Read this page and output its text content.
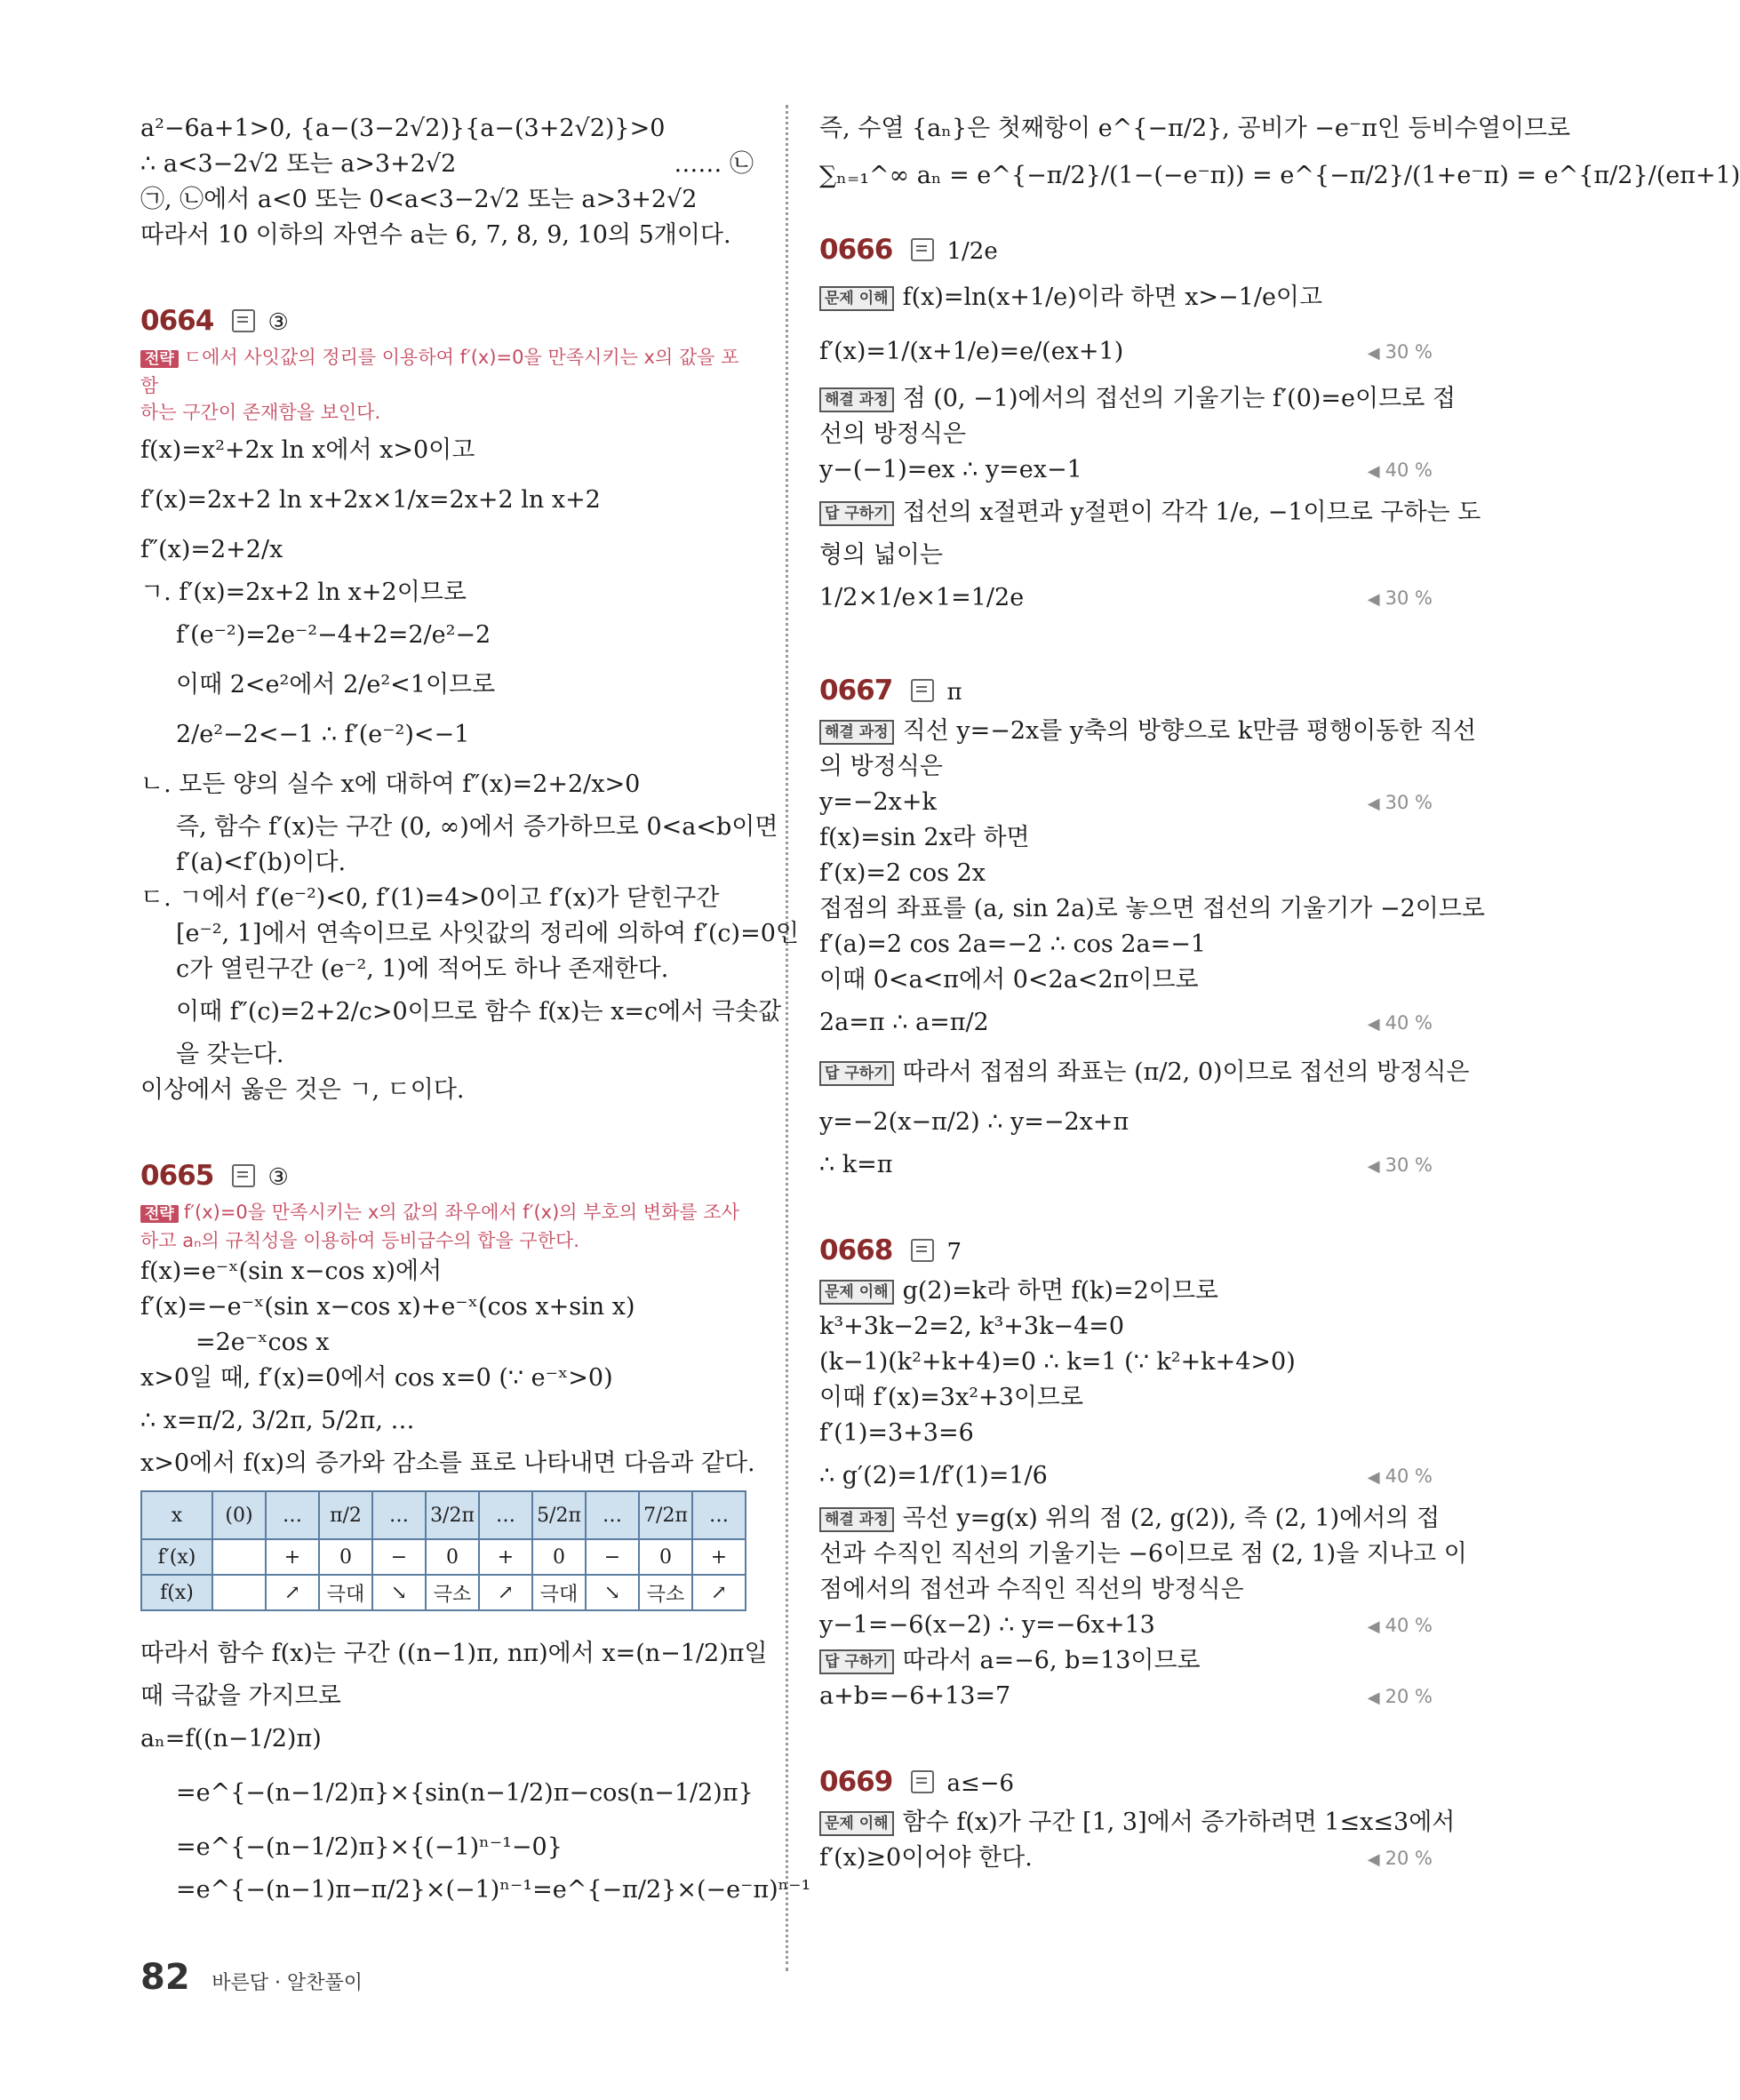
a²−6a+1>0, {a−(3−2√2)}{a−(3+2√2)}>0
∴ a<3−2√2 또는 a>3+2√2	…… ㉡
㉠, ㉡에서 a<0 또는 0<a<3−2√2 또는 a>3+2√2
따라서 10 이하의 자연수 a는 6, 7, 8, 9, 10의 5개이다.
0664 ③
전략 ㄷ에서 사잇값의 정리를 이용하여 f′(x)=0을 만족시키는 x의 값을 포함
하는 구간이 존재함을 보인다.
f(x)=x²+2x ln x에서 x>0이고
f′(x)=2x+2 ln x+2x×1/x=2x+2 ln x+2
f″(x)=2+2/x
ㄱ. f′(x)=2x+2 ln x+2이므로
f′(e⁻²)=2e⁻²−4+2=2/e²−2
이때 2<e²에서 2/e²<1이므로
2/e²−2<−1 ∴ f′(e⁻²)<−1
ㄴ. 모든 양의 실수 x에 대하여 f″(x)=2+2/x>0
즉, 함수 f′(x)는 구간 (0, ∞)에서 증가하므로 0<a<b이면
f′(a)<f′(b)이다.
ㄷ. ㄱ에서 f′(e⁻²)<0, f′(1)=4>0이고 f′(x)가 닫힌구간
[e⁻², 1]에서 연속이므로 사잇값의 정리에 의하여 f′(c)=0인
c가 열린구간 (e⁻², 1)에 적어도 하나 존재한다.
이때 f″(c)=2+2/c>0이므로 함수 f(x)는 x=c에서 극솟값
을 갖는다.
이상에서 옳은 것은 ㄱ, ㄷ이다.
0665 ③
전략 f′(x)=0을 만족시키는 x의 값의 좌우에서 f′(x)의 부호의 변화를 조사
하고 aₙ의 규칙성을 이용하여 등비급수의 합을 구한다.
f(x)=e⁻ˣ(sin x−cos x)에서
f′(x)=−e⁻ˣ(sin x−cos x)+e⁻ˣ(cos x+sin x)
=2e⁻ˣcos x
x>0일 때, f′(x)=0에서 cos x=0 (∵ e⁻ˣ>0)
∴ x=π/2, 3/2π, 5/2π, …
x>0에서 f(x)의 증가와 감소를 표로 나타내면 다음과 같다.
x	(0)	…	π/2	…	3/2π	…	5/2π	…	7/2π	…
f′(x)		+	0	−	0	+	0	−	0	+
f(x)		↗	극대	↘	극소	↗	극대	↘	극소	↗
따라서 함수 f(x)는 구간 ((n−1)π, nπ)에서 x=(n−1/2)π일
때 극값을 가지므로
aₙ=f((n−1/2)π)
=e^{−(n−1/2)π}×{sin(n−1/2)π−cos(n−1/2)π}
=e^{−(n−1/2)π}×{(−1)ⁿ⁻¹−0}
=e^{−(n−1)π−π/2}×(−1)ⁿ⁻¹=e^{−π/2}×(−e⁻π)ⁿ⁻¹
즉, 수열 {aₙ}은 첫째항이 e^{−π/2}, 공비가 −e⁻π인 등비수열이므로
∑ₙ₌₁^∞ aₙ = e^{−π/2}/(1−(−e⁻π)) = e^{−π/2}/(1+e⁻π) = e^{π/2}/(eπ+1)
0666 1/2e
문제 이해 f(x)=ln(x+1/e)이라 하면 x>−1/e이고
f′(x)=1/(x+1/e)=e/(ex+1)	◀ 30 %
해결 과정 점 (0, −1)에서의 접선의 기울기는 f′(0)=e이므로 접
선의 방정식은
y−(−1)=ex ∴ y=ex−1	◀ 40 %
답 구하기 접선의 x절편과 y절편이 각각 1/e, −1이므로 구하는 도
형의 넓이는
1/2×1/e×1=1/2e	◀ 30 %
0667 π
해결 과정 직선 y=−2x를 y축의 방향으로 k만큼 평행이동한 직선
의 방정식은
y=−2x+k	◀ 30 %
f(x)=sin 2x라 하면
f′(x)=2 cos 2x
접점의 좌표를 (a, sin 2a)로 놓으면 접선의 기울기가 −2이므로
f′(a)=2 cos 2a=−2 ∴ cos 2a=−1
이때 0<a<π에서 0<2a<2π이므로
2a=π ∴ a=π/2	◀ 40 %
답 구하기 따라서 접점의 좌표는 (π/2, 0)이므로 접선의 방정식은
y=−2(x−π/2) ∴ y=−2x+π
∴ k=π	◀ 30 %
0668 7
문제 이해 g(2)=k라 하면 f(k)=2이므로
k³+3k−2=2, k³+3k−4=0
(k−1)(k²+k+4)=0 ∴ k=1 (∵ k²+k+4>0)
이때 f′(x)=3x²+3이므로
f′(1)=3+3=6
∴ g′(2)=1/f′(1)=1/6	◀ 40 %
해결 과정 곡선 y=g(x) 위의 점 (2, g(2)), 즉 (2, 1)에서의 접
선과 수직인 직선의 기울기는 −6이므로 점 (2, 1)을 지나고 이
점에서의 접선과 수직인 직선의 방정식은
y−1=−6(x−2) ∴ y=−6x+13	◀ 40 %
답 구하기 따라서 a=−6, b=13이므로
a+b=−6+13=7	◀ 20 %
0669 a≤−6
문제 이해 함수 f(x)가 구간 [1, 3]에서 증가하려면 1≤x≤3에서
f′(x)≥0이어야 한다.	◀ 20 %
82 바른답 · 알찬풀이
